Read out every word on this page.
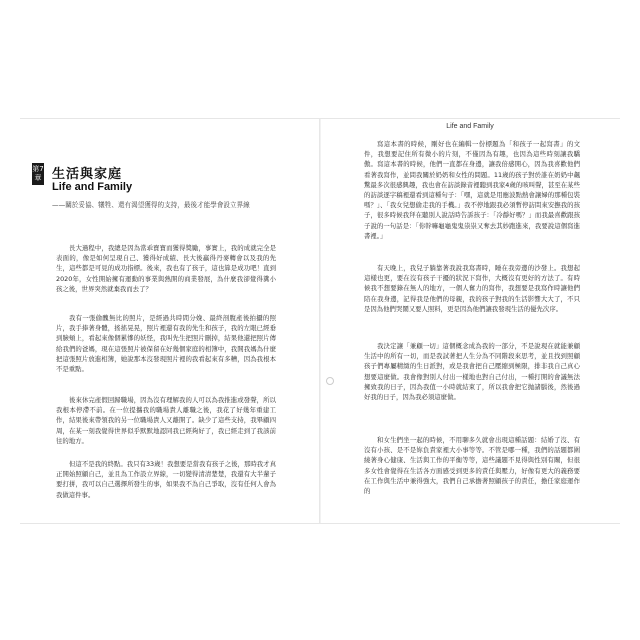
第7章 生活與家庭
Life and Family
——關於妥協、犧牲、還有渴望獲得的支持，最後才能學會設立界線

長大過程中，我總是因為當乖寶寶而獲得獎勵，事實上，我的成就完全是表面的，像是如何呈現自己、獲得好成績、長大後贏得丹麥轉會以及我的先生，這些都是可見的成功指標。後來，我也有了孩子，這也算是成功吧！直到2020年，女性開始擁有運動的事業與熱開的商業發展，為什麼我卻覺得糞小孩之後，世界突然就棄我而去了？

我有一張偷醜無比的照片，是經過共時間分娩、最終剖腹產後拍攝的照片，我手捧著身體，搖搖晃晃，照片裡還有我的先生和孩子，我的左眼已經垂到臉頰上，看起來像個累慘的妖怪，我叫先生把照片刪掉，結果他還把照片傳給我們的爸媽，現在這張照片被保留在好幾個家庭的相簿中，我開我媽為什麼把這張照片放進相簿，她說那本沒發現照片裡的我看起來有多糟，因為我根本不是重點。

後來休完產假回歸職場，因為沒有理解我的人可以為我推進或發聲，所以我根本停滯不前。在一位提攜我的職場貴人離職之後，我花了好幾年重建工作，結果後來帶領我的另一位職場貴人又離開了。缺少了這些支持，我畢顧四周，在某一刻我覺得世界似乎默默地認同我已經夠好了，我已經走到了我該前往的地方。

但這不是我的終點。我只有33歲！我想要是當我有孩子之後，那時我才真正開始照顧自己，並且為工作設立界線，一切變得清清楚楚，我還有大半輩子要打拼，我可以自己選擇所發生的事，如果我不為自己爭取，沒有任何人會為我做這件事。

Life and Family

寫這本書的時候，剛好也在編輯一份標題為「和孩子一起寫書」的文件，我想要記住所有微小的片刻，不僅因為有趣，也因為這些時刻讓我驕傲。寫這本書的時候，他們一直都在身邊，讓我倍感開心，因為我喜歡他們看著我寫作，並問我關於奶奶和女性的問題。11歲的孩子對於誰在奶奶中飆驚最多次很感興趣，我也會在訪談錄音裡聽到我家4歲的咳叫聲，甚至在某些的訪談逐字稿裡還看到這種句子：「嘿，這就是用應波點熱會讓婦的那種包裝嗎？」、「我女兒想偷走我的手機。」我不停地跟我必須暫停訪問來安撫我的孩子，很多時候我拜在聽別人說話時告訴孩子：「冷靜好嗎？」而我最喜歡跟孩子說的一句話是：「你幹嘛龜龜鬼鬼祟祟又奪去其妙跑進來，我要說這個寫進書裡。」

有天晚上，我兒子躺靠著我說我寫書時，睡在我旁邊的沙發上。我想起這樣也更，要在沒有孩子干擾的狀況下寫作，大概沒有更好的方法了。有時候我不想要錄在無人的地方，一個人奮力的寫作，我想要是我寫作時讓他們陪在我身邊，記得我是他們的母親，我的孩子對我的生活影響大大了，不只是因為他們哭鬧又要人照料，更是因為他們讓我發現生活的優先次序。

我決定讓「兼顧一切」這個概念成為我的一部分，不是說現在就能兼顧生活中的所有一切，而是我試著把人生分為不同階段來思考，並且找到照顧孩子們專屬精緻的生日派對，或是我會把自己壓縮到極限，排非我自己真心想要這麼做。我會像對別人付出一樣地也對自己付出，一種打開的會議無法擁致我的日子，因為我值一小時就結束了，所以我會把它抛諸腦後，然後過好我的日子，因為我必須這麼做。

和女生們坐一起的時候，不用聊多久就會出現這種話題：結婚了沒、有沒有小孩、是不是妳負責家裡大小事等等。不管是哪一種，我們的話題都圍繞著身心健康、生活與工作的平衡等等，這些議題不見得與性別有關，但很多女性會覺得在生活各方面感受到更多的責任與壓力，好像有更大的義務要在工作與生活中兼得強大，我們自己承擔著照顧孩子的責任，擔任家庭運作的
